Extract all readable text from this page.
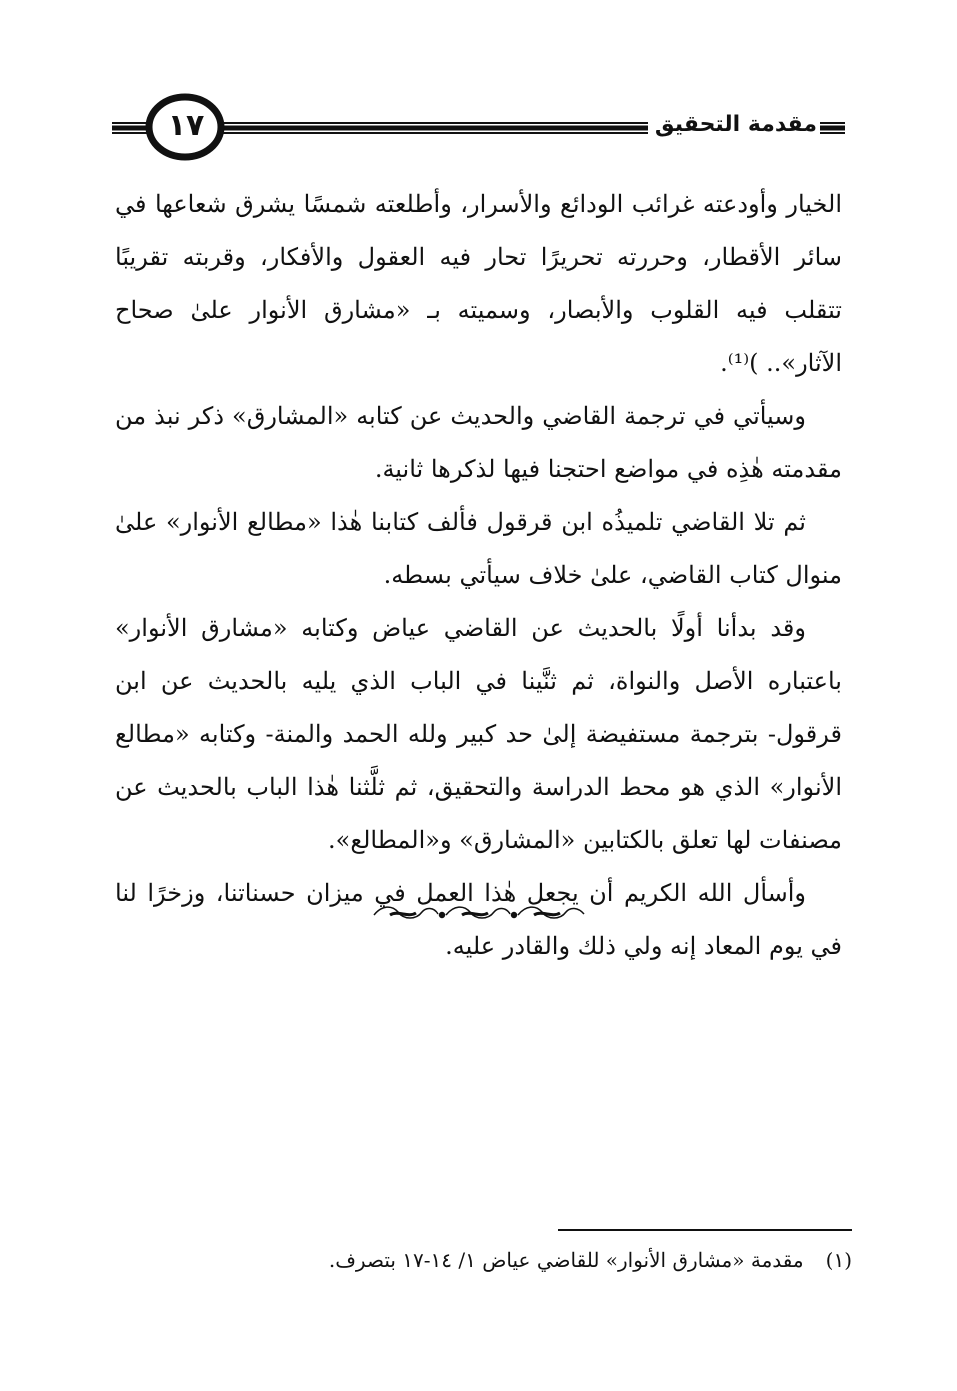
مقدمة التحقيق
١٧

الخيار وأودعته غرائب الودائع والأسرار، وأطلعته شمسًا يشرق شعاعها في سائر الأقطار، وحررته تحريرًا تحار فيه العقول والأفكار، وقربته تقريبًا تتقلب فيه القلوب والأبصار، وسميته بـ «مشارق الأنوار علىٰ صحاح الآثار».. )⁽¹⁾.

وسيأتي في ترجمة القاضي والحديث عن كتابه «المشارق» ذكر نبذ من مقدمته هٰذِه في مواضع احتجنا فيها لذكرها ثانية.

ثم تلا القاضي تلميذُه ابن قرقول فألف كتابنا هٰذا «مطالع الأنوار» علىٰ منوال كتاب القاضي، علىٰ خلاف سيأتي بسطه.

وقد بدأنا أولًا بالحديث عن القاضي عياض وكتابه «مشارق الأنوار» باعتباره الأصل والنواة، ثم ثنَّينا في الباب الذي يليه بالحديث عن ابن قرقول- بترجمة مستفيضة إلىٰ حد كبير ولله الحمد والمنة- وكتابه «مطالع الأنوار» الذي هو محط الدراسة والتحقيق، ثم ثلَّثنا هٰذا الباب بالحديث عن مصنفات لها تعلق بالكتابين «المشارق» و«المطالع».

وأسأل الله الكريم أن يجعل هٰذا العمل في ميزان حسناتنا، وزخرًا لنا في يوم المعاد إنه ولي ذلك والقادر عليه.

(١)مقدمة «مشارق الأنوار» للقاضي عياض ١/ ١٤-١٧ بتصرف.
